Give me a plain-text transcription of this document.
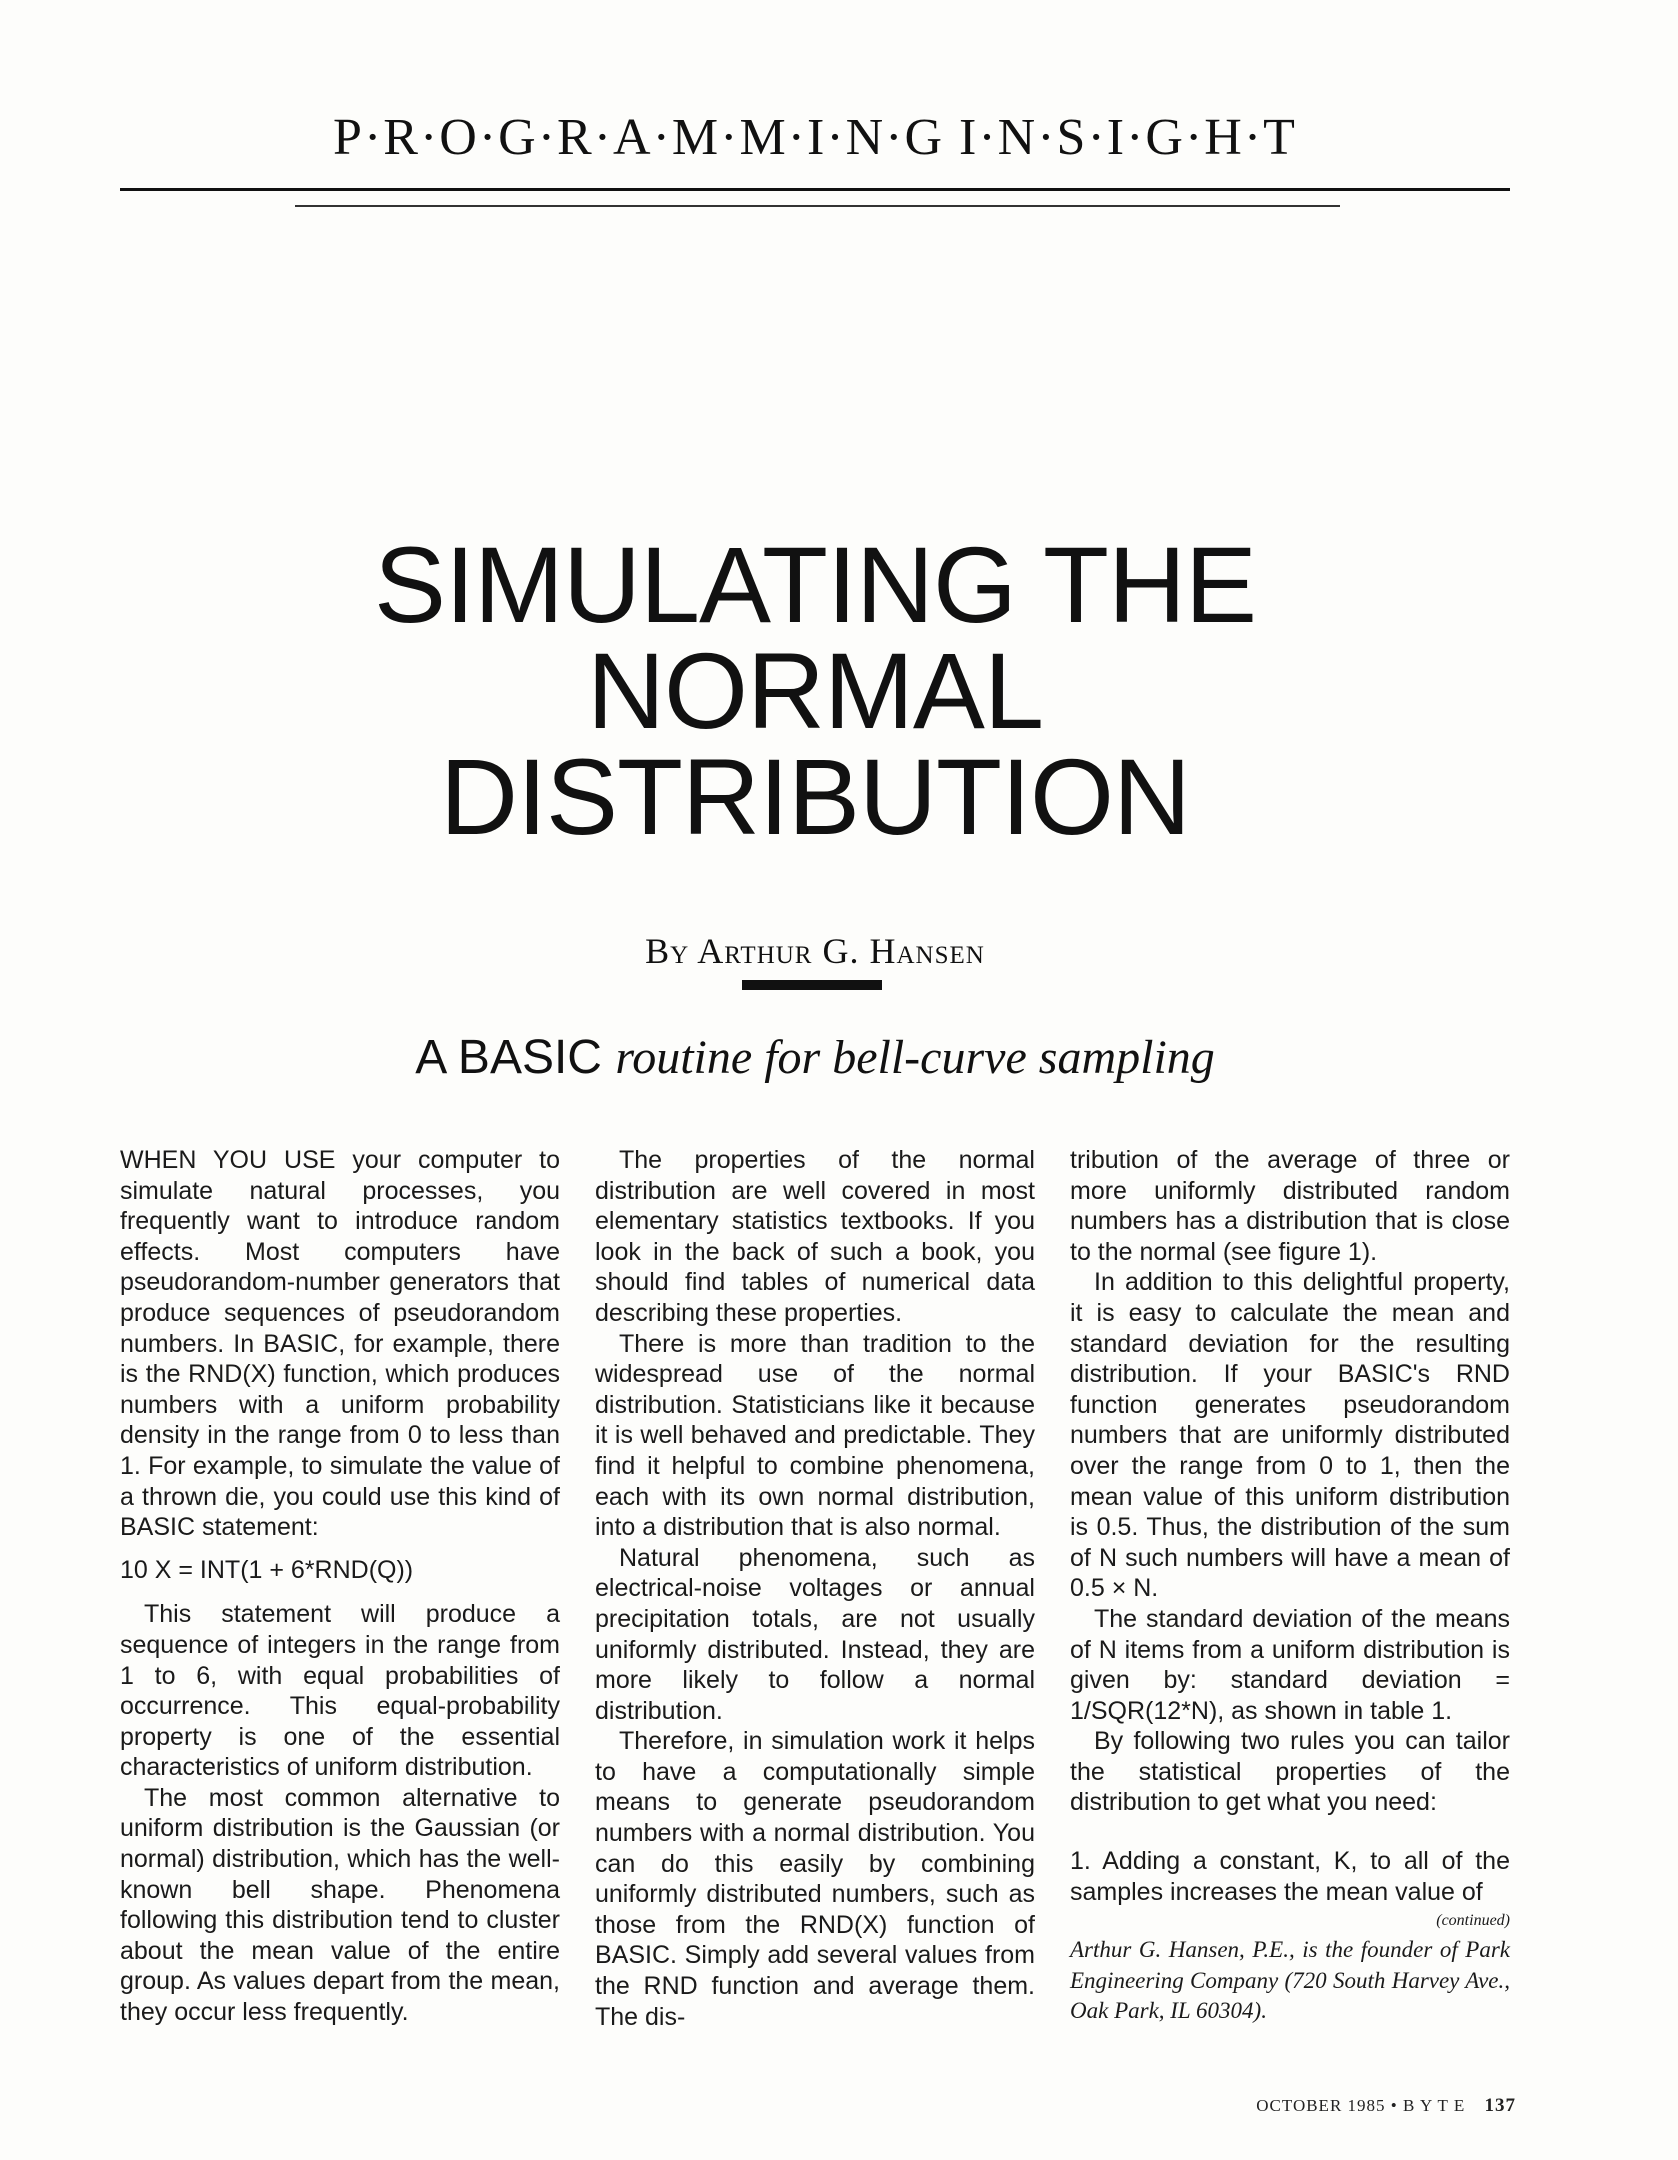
P·R·O·G·R·A·M·M·I·N·G I·N·S·I·G·H·T
SIMULATING THE
NORMAL
DISTRIBUTION
By Arthur G. Hansen
A BASIC routine for bell-curve sampling

WHEN YOU USE your computer to simulate natural processes, you frequently want to introduce random effects. Most computers have pseudorandom-number generators that produce sequences of pseudorandom numbers. In BASIC, for example, there is the RND(X) function, which produces numbers with a uniform probability density in the range from 0 to less than 1. For example, to simulate the value of a thrown die, you could use this kind of BASIC statement:

10 X = INT(1 + 6*RND(Q))

This statement will produce a sequence of integers in the range from 1 to 6, with equal probabilities of occurrence. This equal-probability property is one of the essential characteristics of uniform distribution.

The most common alternative to uniform distribution is the Gaussian (or normal) distribution, which has the well-known bell shape. Phenomena following this distribution tend to cluster about the mean value of the entire group. As values depart from the mean, they occur less frequently.

The properties of the normal distribution are well covered in most elementary statistics textbooks. If you look in the back of such a book, you should find tables of numerical data describing these properties.

There is more than tradition to the widespread use of the normal distribution. Statisticians like it because it is well behaved and predictable. They find it helpful to combine phenomena, each with its own normal distribution, into a distribution that is also normal.

Natural phenomena, such as electrical-noise voltages or annual precipitation totals, are not usually uniformly distributed. Instead, they are more likely to follow a normal distribution.

Therefore, in simulation work it helps to have a computationally simple means to generate pseudorandom numbers with a normal distribution. You can do this easily by combining uniformly distributed numbers, such as those from the RND(X) function of BASIC. Simply add several values from the RND function and average them. The dis-

tribution of the average of three or more uniformly distributed random numbers has a distribution that is close to the normal (see figure 1).

In addition to this delightful property, it is easy to calculate the mean and standard deviation for the resulting distribution. If your BASIC's RND function generates pseudorandom numbers that are uniformly distributed over the range from 0 to 1, then the mean value of this uniform distribution is 0.5. Thus, the distribution of the sum of N such numbers will have a mean of 0.5 × N.

The standard deviation of the means of N items from a uniform distribution is given by: standard deviation = 1/SQR(12*N), as shown in table 1.

By following two rules you can tailor the statistical properties of the distribution to get what you need:

1. Adding a constant, K, to all of the samples increases the mean value of

(continued)

Arthur G. Hansen, P.E., is the founder of Park Engineering Company (720 South Harvey Ave., Oak Park, IL 60304).

OCTOBER 1985 • B Y T E 137
